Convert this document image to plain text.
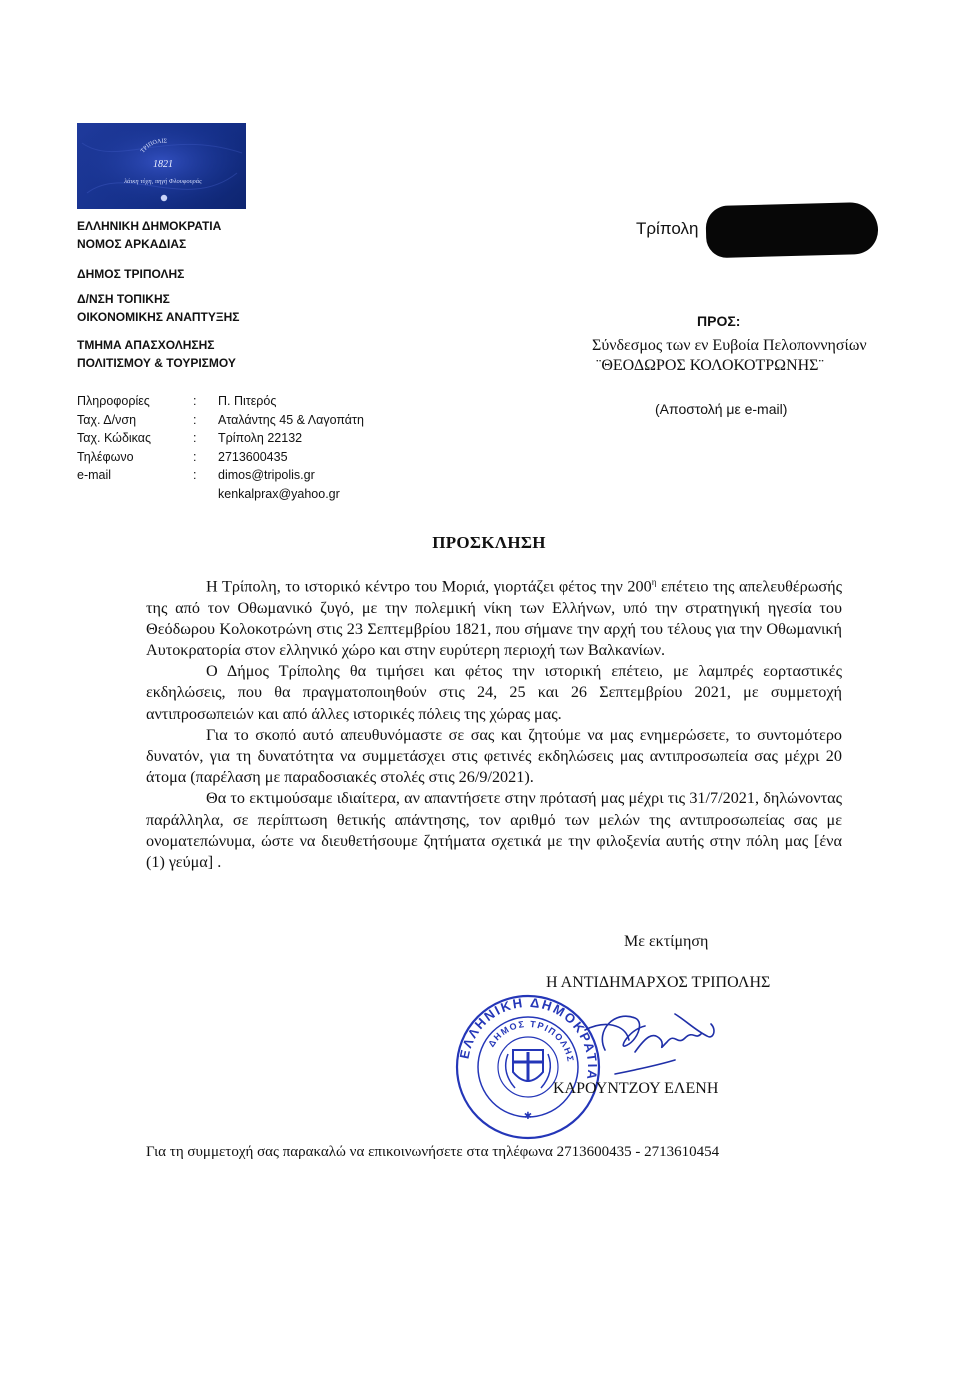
ΤΡΙΠΟΛΙΣ
1821
λάικη τύχη, πηγή Φλουφουράς
ΕΛΛΗΝΙΚΗ ΔΗΜΟΚΡΑΤΙΑ
ΝΟΜΟΣ ΑΡΚΑΔΙΑΣ
ΔΗΜΟΣ ΤΡΙΠΟΛΗΣ
Δ/ΝΣΗ ΤΟΠΙΚΗΣ
ΟΙΚΟΝΟΜΙΚΗΣ ΑΝΑΠΤΥΞΗΣ
ΤΜΗΜΑ ΑΠΑΣΧΟΛΗΣΗΣ
ΠΟΛΙΤΙΣΜΟΥ & ΤΟΥΡΙΣΜΟΥ
Πληροφορίες	: Π. Πιτερός
Ταχ. Δ/νση	: Αταλάντης 45 & Λαγοπάτη
Ταχ. Κώδικας	: Τρίπολη 22132
Τηλέφωνο	: 2713600435
e-mail	: dimos@tripolis.gr
kenkalprax@yahoo.gr
Τρίπολη
ΠΡΟΣ:
Σύνδεσμος των εν Ευβοία Πελοποννησίων
¨ΘΕΟΔΩΡΟΣ ΚΟΛΟΚΟΤΡΩΝΗΣ¨
(Αποστολή με e-mail)
ΠΡΟΣΚΛΗΣΗ

Η Τρίπολη, το ιστορικό κέντρο του Μοριά, γιορτάζει φέτος την $200^\eta$ επέτειο της απελευθέρωσής της από τον Οθωμανικό ζυγό, με την πολεμική νίκη των Ελλήνων, υπό την στρατηγική ηγεσία του Θεόδωρου Κολοκοτρώνη στις 23 Σεπτεμβρίου 1821, που σήμανε την αρχή του τέλους για την Οθωμανική Αυτοκρατορία στον ελληνικό χώρο και στην ευρύτερη περιοχή των Βαλκανίων.

Ο Δήμος Τρίπολης θα τιμήσει και φέτος την ιστορική επέτειο, με λαμπρές εορταστικές εκδηλώσεις, που θα πραγματοποιηθούν στις 24, 25 και 26 Σεπτεμβρίου 2021, με συμμετοχή αντιπροσωπειών και από άλλες ιστορικές πόλεις της χώρας μας.

Για το σκοπό αυτό απευθυνόμαστε σε σας και ζητούμε να μας ενημερώσετε, το συντομότερο δυνατόν, για τη δυνατότητα να συμμετάσχει στις φετινές εκδηλώσεις μας αντιπροσωπεία σας μέχρι 20 άτομα (παρέλαση με παραδοσιακές στολές στις 26/9/2021).

Θα το εκτιμούσαμε ιδιαίτερα, αν απαντήσετε στην πρότασή μας μέχρι τις 31/7/2021, δηλώνοντας παράλληλα, σε περίπτωση θετικής απάντησης, τον αριθμό των μελών της αντιπροσωπείας σας με ονοματεπώνυμα, ώστε να διευθετήσουμε ζητήματα σχετικά με την φιλοξενία αυτής στην πόλη μας [ένα (1) γεύμα] .

Με εκτίμηση
Η ΑΝΤΙΔΗΜΑΡΧΟΣ ΤΡΙΠΟΛΗΣ
ΕΛΛΗΝΙΚΗ ΔΗΜΟΚΡΑΤΙΑ
ΔΗΜΟΣ ΤΡΙΠΟΛΗΣ
✱
ΚΑΡΟΥΝΤΖΟΥ ΕΛΕΝΗ
Για τη συμμετοχή σας παρακαλώ να επικοινωνήσετε στα τηλέφωνα 2713600435 - 2713610454
